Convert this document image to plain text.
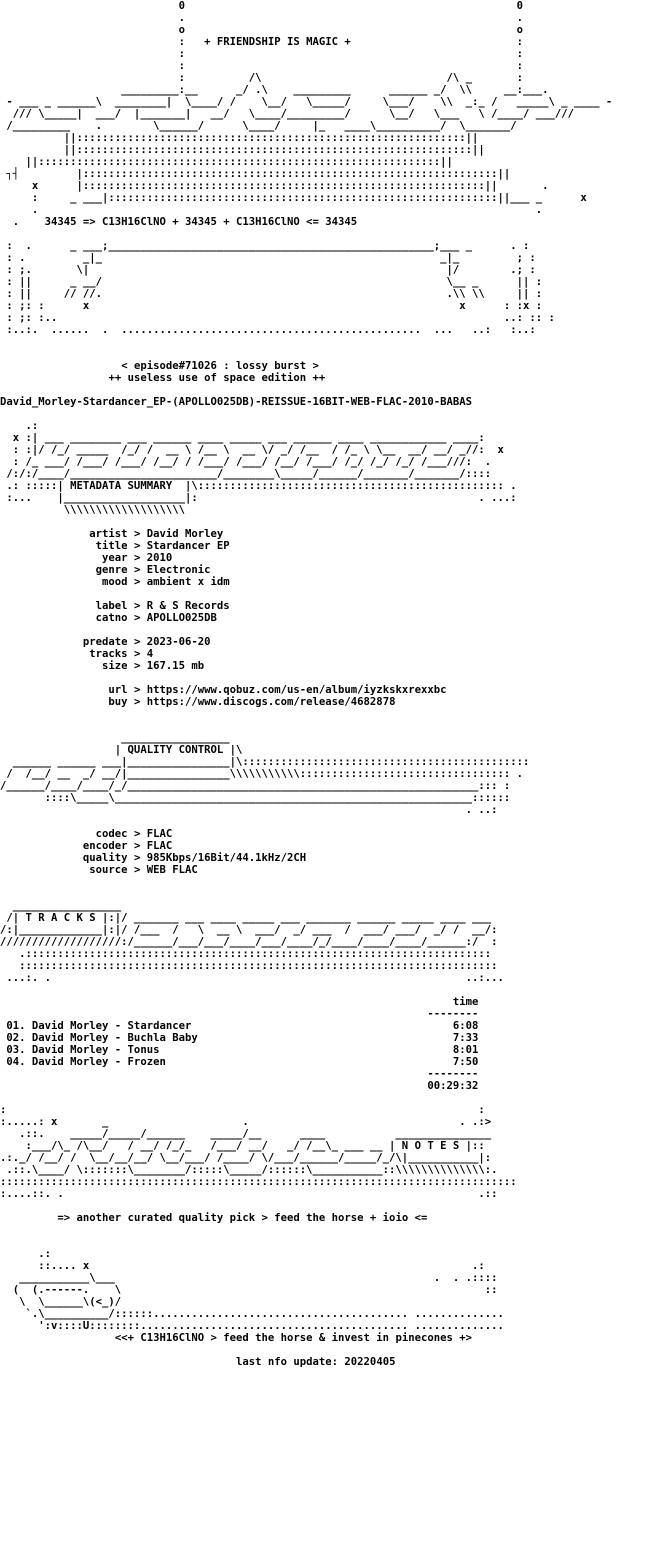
0                                                    0
.                                                    .
o                                                    o
:   + FRIENDSHIP IS MAGIC +                          :
:                                                    :
:                                                    :
:          /\                             /\ _       :
_________:__      _/ .\    _________      ______ _/  \\     __:___.
- ___ _ ______\  ________|  \____/ /    \__/   \_____/     \___/    \\  _:_ /   _____\ _ ____ -
/// \_____|  ___/  |_______|   __/   \____/_________/      \__/   \___   \ /____/ ___///
/_________    .        \______/      \____/     |_   ____\__________/  \_______/
||:::::::::::::::::::::::::::::::::::::::::::::::::::::::::::::||
||::::::::::::::::::::::::::::::::::::::::::::::::::::::::::::::||

||:::::::::::::::::::::::::::::::::::::::::::::::::::::::::::::::||
┐┤         |:::::::::::::::::::::::::::::::::::::::::::::::::::::::::::::::::||
x      |:::::::::::::::::::::::::::::::::::::::::::::::::::::::::::::::||       .
:     _ ___|:::::::::::::::::::::::::::::::::::::::::::::::::::::::::::::||___ _      x
.                                                                              .

.    34345 => C13H16ClNO + 34345 + C13H16ClNO <= 34345

:  .      _ ___;___________________________________________________;___ _      . :
: .         _|_                                                     _|_         ; :
: ;.       \|                                                        |/        .; :
: ||      _ __/                                                      \__ _      || :
: ||     // //.                                                      .\\ \\     || :
: ;: :      x                                                          x      : :x :
: ;: :..                                                                      ..: :: :
:..:.  ......  .  ...............................................  ...   ..:   :..:

< episode#71026 : lossy burst >
++ useless use of space edition ++

David_Morley-Stardancer_EP-(APOLLO025DB)-REISSUE-16BIT-WEB-FLAC-2010-BABAS

.:
x :| ___ ________ ___ ______ ____ _____ ___ ______ ____ ____________ ____:
: :|/ /_/ _____  /_/ /  __ \ /__ \  __ \/ _/ /__  / /_ \ \__  __/ __/ _//:  x
: /_ ___/ /___/ /___/ /__/ / /___/ /___/ /__/ /___/ /_/ /_/ /_/ /___///:  .
/:/:/____/_______________________/________\_____/______/_______/_______/::::
.: :::::| METADATA SUMMARY  |\:::::::::::::::::::::::::::::::::::::::::::::::: .
:...    |___________________|:                                            . ...:
\\\\\\\\\\\\\\\\\\\

artist > David Morley
title > Stardancer EP
year > 2010
genre > Electronic
mood > ambient x idm

label > R & S Records
catno > APOLLO025DB

predate > 2023-06-20
tracks > 4
size > 167.15 mb

url > https://www.qobuz.com/us-en/album/iyzkskxrexxbc
buy > https://www.discogs.com/release/4682878

_________________
| QUALITY CONTROL |\
______ ______ ___|________________|\:::::::::::::::::::::::::::::::::::::::::::::
/  /__/ __  _/ __/|________________\\\\\\\\\\\::::::::::::::::::::::::::::::::: .
/______/____/____/_/_______________________________________________________::: :
::::\_____\________________________________________________________::::::
. ..:

codec > FLAC
encoder > FLAC
quality > 985Kbps/16Bit/44.1kHz/2CH
source > WEB FLAC

_________________
/| T R A C K S |:|/ _______ ___ ____ _____ ___ _______ ______ _____ ____ ___
/:|_____________|:|/ /___  /   \  __ \  ___/  _/ ___  /  ___/ ___/  _/ /  __/:
///////////////////:/______/___/___/____/___/____/_/____/____/____/______:/  :
.:::::::::::::::::::::::::::::::::::::::::::::::::::::::::::::::::::::::::
:::::::::::::::::::::::::::::::::::::::::::::::::::::::::::::::::::::::::::
...:. .                                                                 ..:...

time
--------
01. David Morley - Stardancer                                         6:08
02. David Morley - Buchla Baby                                        7:33
03. David Morley - Tonus                                              8:01
04. David Morley - Frozen                                             7:50
--------
00:29:32

:                                                                          :
:.....: x       _                     .                                 . .:>
.::.    _____/_____/______    _____/__      ____           _______________
:___/\_ /\__/   / __/ /_/_   /___/ __/   _/ /__\_ ___ __ | N O T E S |::
.:._/ /__/ /  \__/__/__/ \__/___/ /____/ \/___/______/_____/_/\|___________|:
.::.\____/ \:::::::\________/:::::\_____/::::::\___________::\\\\\\\\\\\\\\:.
:::::::::::::::::::::::::::::::::::::::::::::::::::::::::::::::::::::::::::::::::
:....::. .                                                                 .::

=> another curated quality pick > feed the horse + ioio <=

.:
::.... x                                                            .:
___________\___                                                  .  . .::::
(  (.------.    \                                                         ::
\  \______\(<_)/
`.\__________/::::::........................................ ..............
':v::::U::::::::.......................................... ..............
<<+ C13H16ClNO > feed the horse & invest in pinecones +>

last nfo update: 20220405
